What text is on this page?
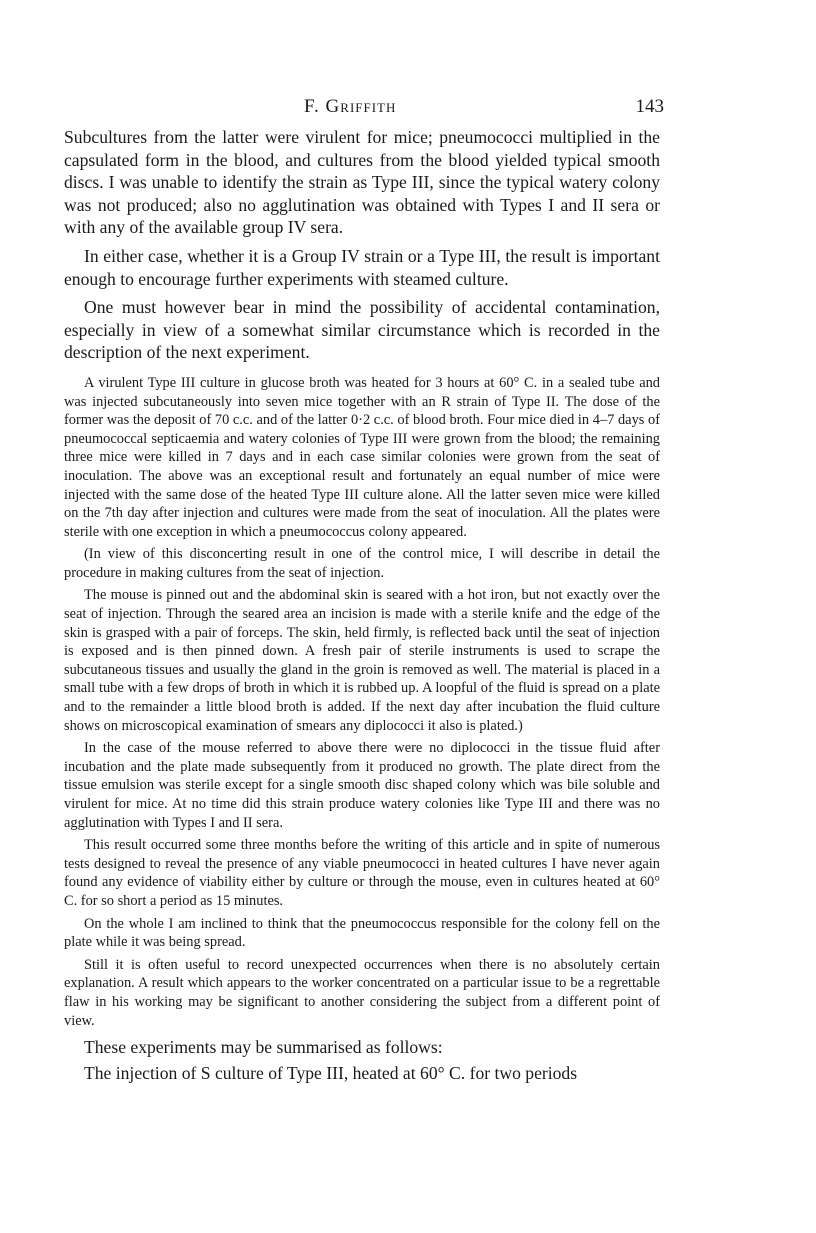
F. Griffith	143

Subcultures from the latter were virulent for mice; pneumococci multiplied in the capsulated form in the blood, and cultures from the blood yielded typical smooth discs. I was unable to identify the strain as Type III, since the typical watery colony was not produced; also no agglutination was obtained with Types I and II sera or with any of the available group IV sera.

In either case, whether it is a Group IV strain or a Type III, the result is important enough to encourage further experiments with steamed culture.

One must however bear in mind the possibility of accidental contamination, especially in view of a somewhat similar circumstance which is recorded in the description of the next experiment.

A virulent Type III culture in glucose broth was heated for 3 hours at 60° C. in a sealed tube and was injected subcutaneously into seven mice together with an R strain of Type II. The dose of the former was the deposit of 70 c.c. and of the latter 0·2 c.c. of blood broth. Four mice died in 4–7 days of pneumococcal septicaemia and watery colonies of Type III were grown from the blood; the remaining three mice were killed in 7 days and in each case similar colonies were grown from the seat of inoculation. The above was an exceptional result and fortunately an equal number of mice were injected with the same dose of the heated Type III culture alone. All the latter seven mice were killed on the 7th day after injection and cultures were made from the seat of inoculation. All the plates were sterile with one exception in which a pneumococcus colony appeared.

(In view of this disconcerting result in one of the control mice, I will describe in detail the procedure in making cultures from the seat of injection.

The mouse is pinned out and the abdominal skin is seared with a hot iron, but not exactly over the seat of injection. Through the seared area an incision is made with a sterile knife and the edge of the skin is grasped with a pair of forceps. The skin, held firmly, is reflected back until the seat of injection is exposed and is then pinned down. A fresh pair of sterile instruments is used to scrape the subcutaneous tissues and usually the gland in the groin is removed as well. The material is placed in a small tube with a few drops of broth in which it is rubbed up. A loopful of the fluid is spread on a plate and to the remainder a little blood broth is added. If the next day after incubation the fluid culture shows on microscopical examination of smears any diplococci it also is plated.)

In the case of the mouse referred to above there were no diplococci in the tissue fluid after incubation and the plate made subsequently from it produced no growth. The plate direct from the tissue emulsion was sterile except for a single smooth disc shaped colony which was bile soluble and virulent for mice. At no time did this strain produce watery colonies like Type III and there was no agglutination with Types I and II sera.

This result occurred some three months before the writing of this article and in spite of numerous tests designed to reveal the presence of any viable pneumococci in heated cultures I have never again found any evidence of viability either by culture or through the mouse, even in cultures heated at 60° C. for so short a period as 15 minutes.

On the whole I am inclined to think that the pneumococcus responsible for the colony fell on the plate while it was being spread.

Still it is often useful to record unexpected occurrences when there is no absolutely certain explanation. A result which appears to the worker concentrated on a particular issue to be a regrettable flaw in his working may be significant to another considering the subject from a different point of view.

These experiments may be summarised as follows:

The injection of S culture of Type III, heated at 60° C. for two periods
